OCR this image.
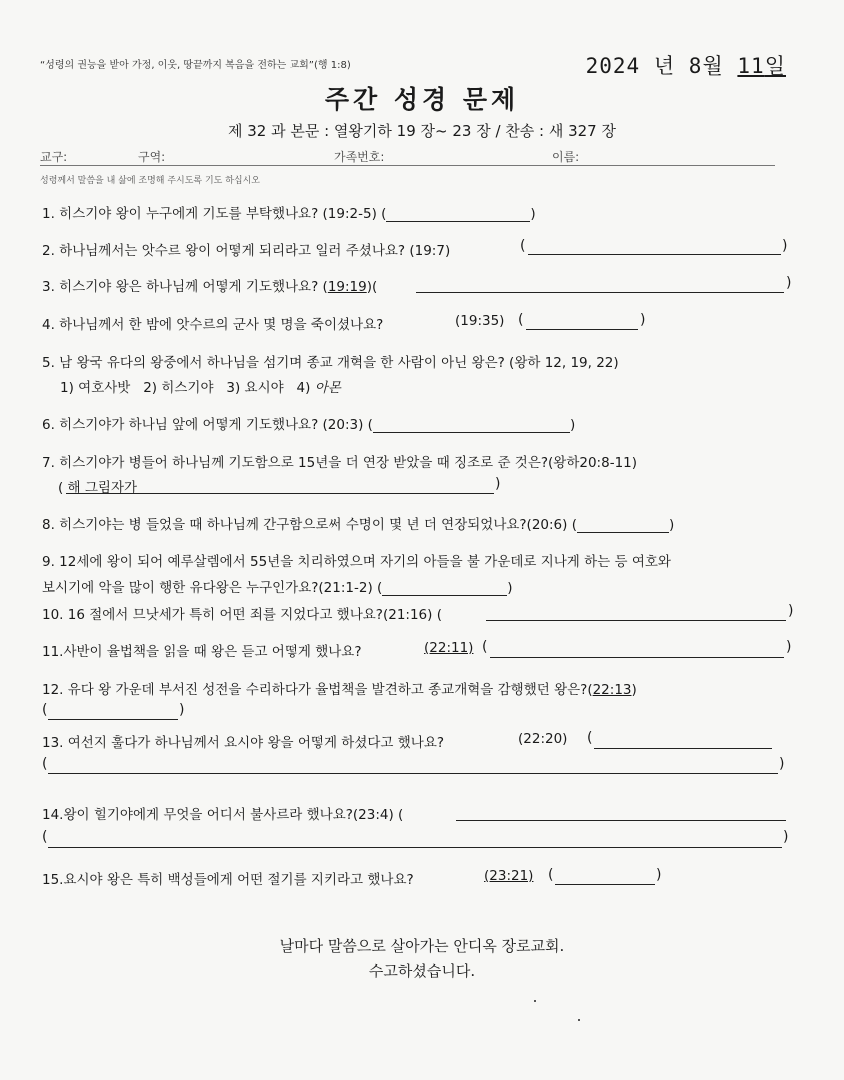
“성령의 권능을 받아 가정, 이웃, 땅끝까지 복음을 전하는 교회”(행 1:8)	2024 년 8월 11일
주간 성경 문제
제 32 과 본문 : 열왕기하 19 장~ 23 장 / 찬송 : 새 327 장
교구:	구역:	가족번호:	이름:
성령께서 말씀을 내 삶에 조명해 주시도록 기도 하십시오
1. 히스기야 왕이 누구에게 기도를 부탁했나요? (19:2-5) (	)
2. 하나님께서는 앗수르 왕이 어떻게 되리라고 일러 주셨나요? (19:7)	(	)
3. 히스기야 왕은 하나님께 어떻게 기도했나요? (19:19)(	)
4. 하나님께서 한 밤에 앗수르의 군사 몇 명을 죽이셨나요?	(19:35) (	)
5. 남 왕국 유다의 왕중에서 하나님을 섬기며 종교 개혁을 한 사람이 아닌 왕은? (왕하 12, 19, 22)
1) 여호사밧 2) 히스기야 3) 요시야 4) 아몬
6. 히스기야가 하나님 앞에 어떻게 기도했나요? (20:3) (	)
7. 히스기야가 병들어 하나님께 기도함으로 15년을 더 연장 받았을 때 징조로 준 것은?(왕하20:8-11)
( 해 그림자가	)
8. 히스기야는 병 들었을 때 하나님께 간구함으로써 수명이 몇 년 더 연장되었나요?(20:6) (	)
9. 12세에 왕이 되어 예루살렘에서 55년을 치리하였으며 자기의 아들을 불 가운데로 지나게 하는 등 여호와
보시기에 악을 많이 행한 유다왕은 누구인가요?(21:1-2) (	)
10. 16 절에서 므낫세가 특히 어떤 죄를 지었다고 했나요?(21:16) (	)
11.사반이 율법책을 읽을 때 왕은 듣고 어떻게 했나요?	(22:11) (	)
12. 유다 왕 가운데 부서진 성전을 수리하다가 율법책을 발견하고 종교개혁을 감행했던 왕은?(22:13)
(	)
13. 여선지 훌다가 하나님께서 요시야 왕을 어떻게 하셨다고 했나요?	(22:20) (
(	)
14.왕이 힐기야에게 무엇을 어디서 불사르라 했나요?(23:4) (
(	)
15.요시야 왕은 특히 백성들에게 어떤 절기를 지키라고 했나요?	(23:21) (	)
날마다 말씀으로 살아가는 안디옥 장로교회.
수고하셨습니다.
